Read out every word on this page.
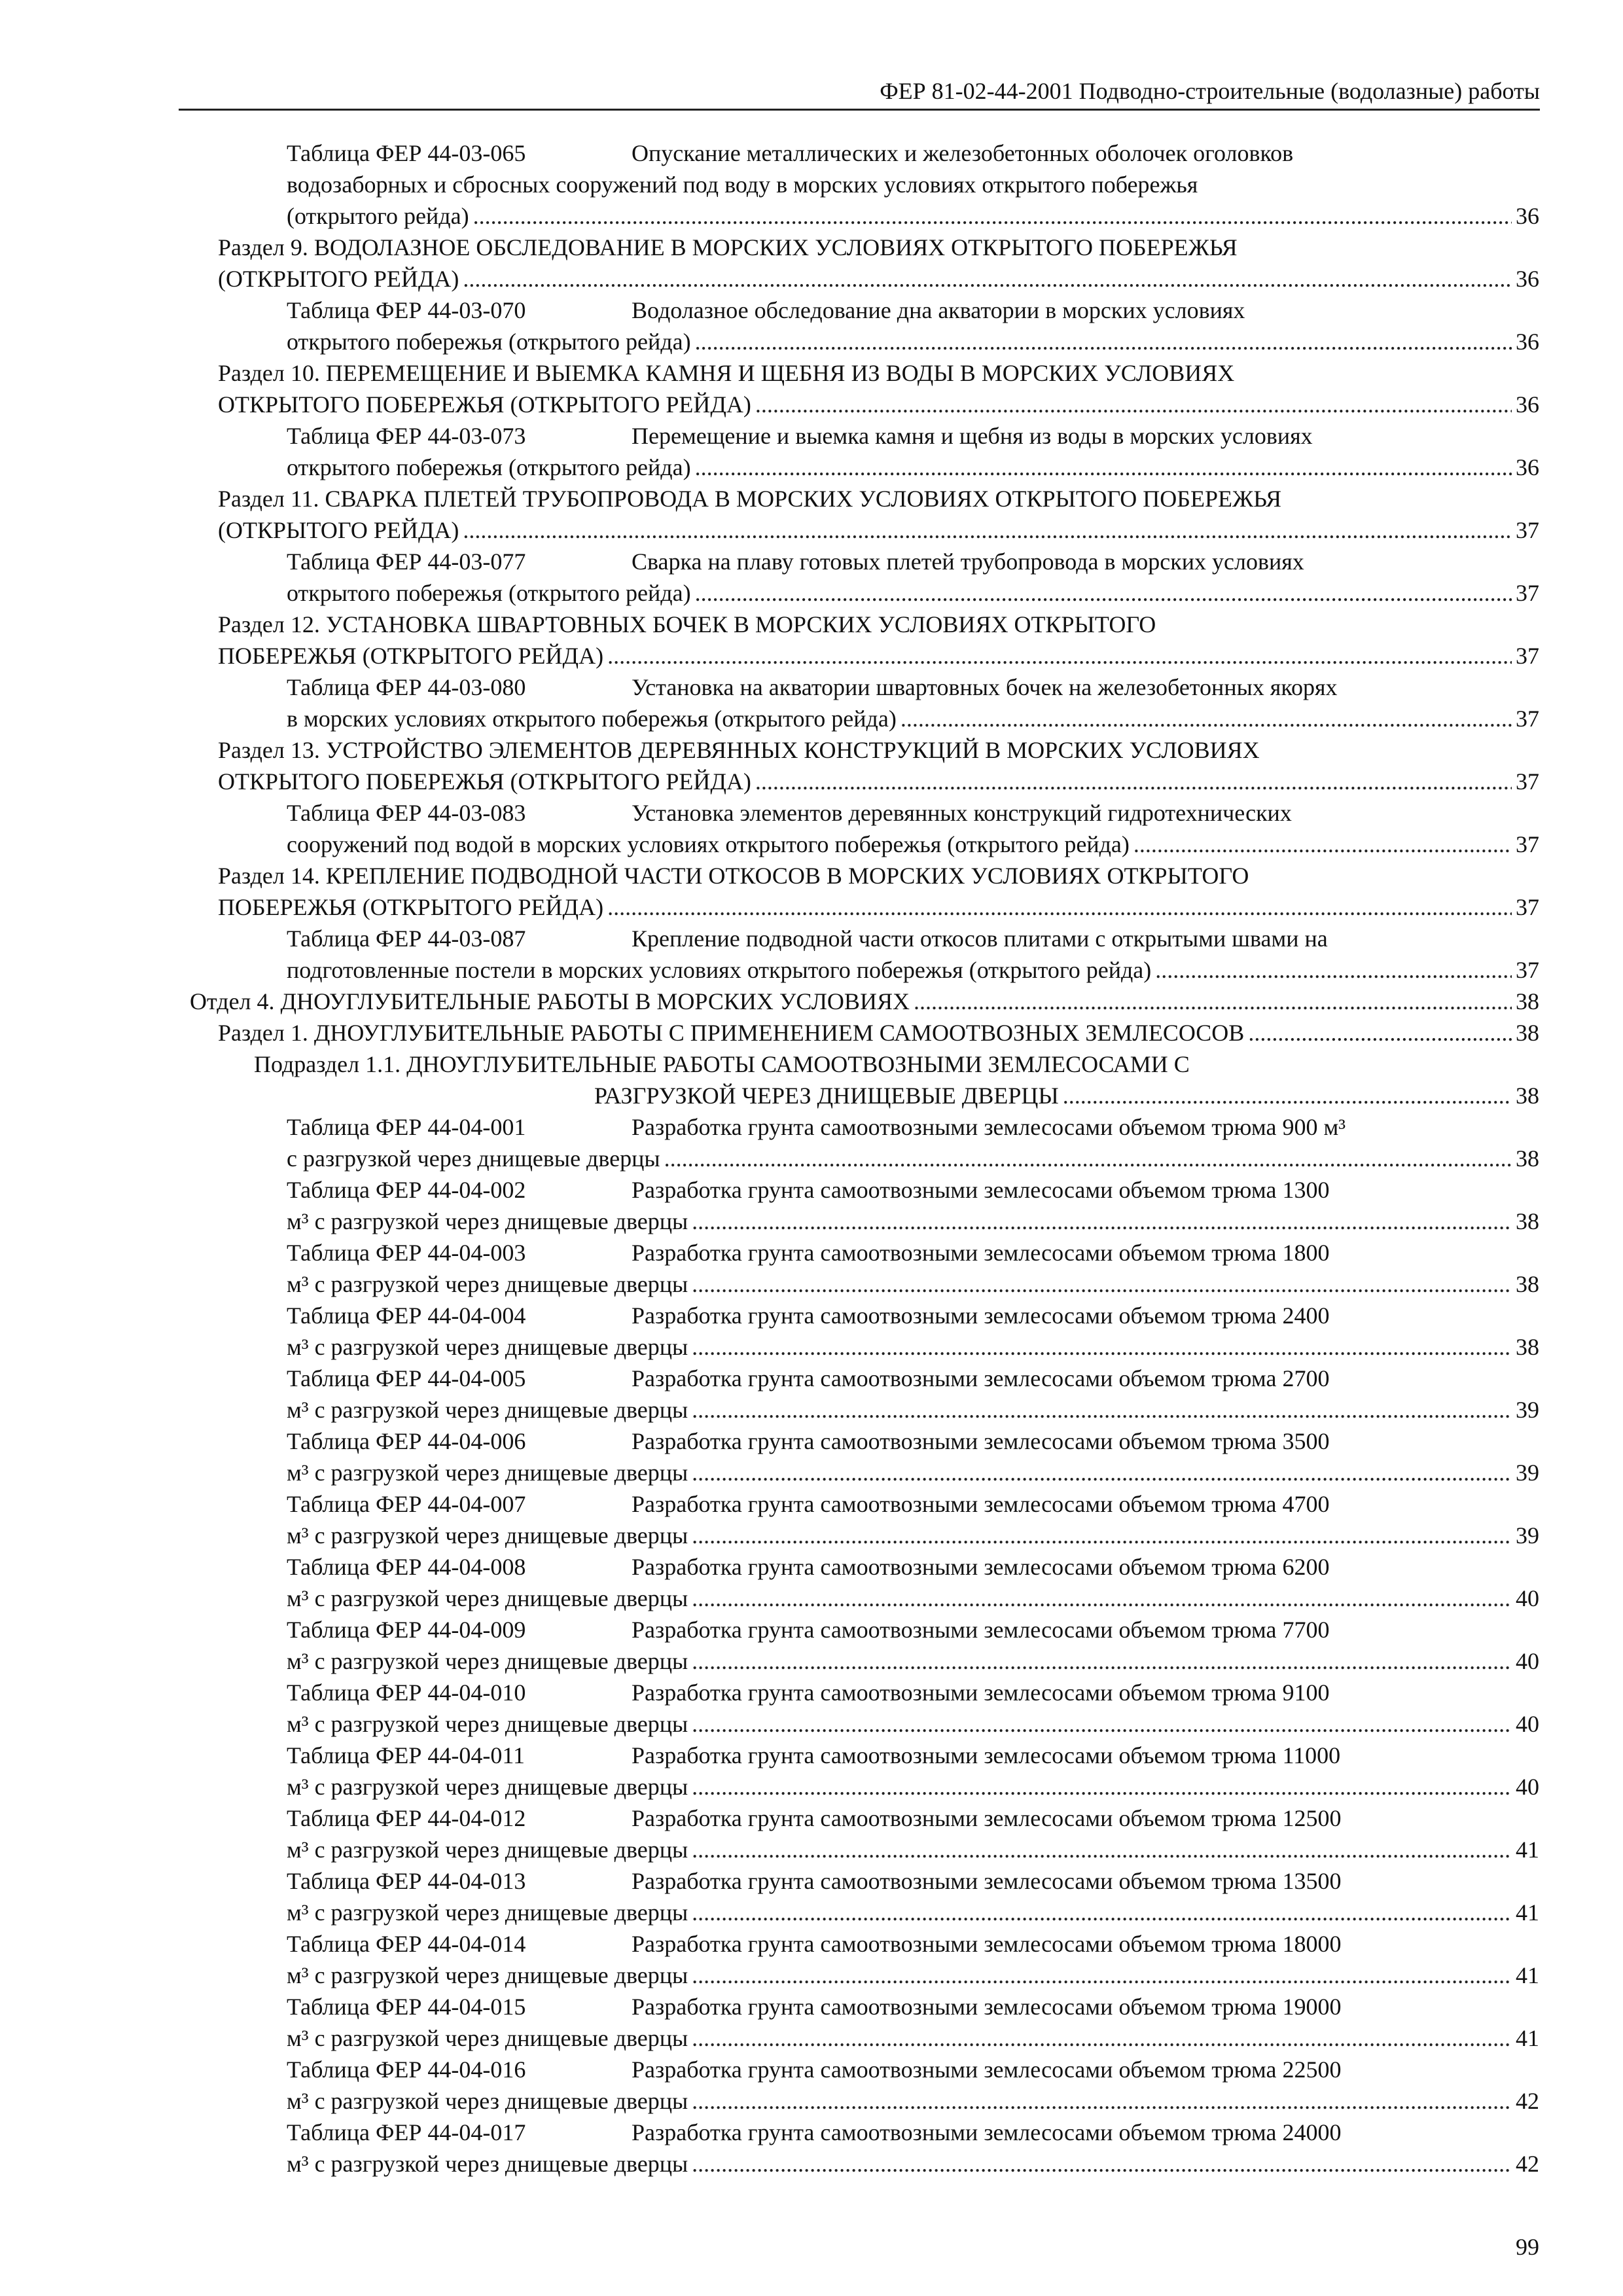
ФЕР 81-02-44-2001 Подводно-строительные (водолазные) работы
Таблица ФЕР 44-03-065	Опускание металлических и железобетонных оболочек оголовков
водозаборных и сбросных сооружений под воду в морских условиях открытого побережья
(открытого рейда) .....	36
Раздел 9. ВОДОЛАЗНОЕ ОБСЛЕДОВАНИЕ В МОРСКИХ УСЛОВИЯХ ОТКРЫТОГО ПОБЕРЕЖЬЯ
(ОТКРЫТОГО РЕЙДА) .....	36
Таблица ФЕР 44-03-070	Водолазное обследование дна акватории в морских условиях
открытого побережья (открытого рейда) .....	36
Раздел 10. ПЕРЕМЕЩЕНИЕ И ВЫЕМКА КАМНЯ И ЩЕБНЯ ИЗ ВОДЫ В МОРСКИХ УСЛОВИЯХ
ОТКРЫТОГО ПОБЕРЕЖЬЯ (ОТКРЫТОГО РЕЙДА) .....	36
Таблица ФЕР 44-03-073	Перемещение и выемка камня и щебня из воды в морских условиях
открытого побережья (открытого рейда) .....	36
Раздел 11. СВАРКА ПЛЕТЕЙ ТРУБОПРОВОДА В МОРСКИХ УСЛОВИЯХ ОТКРЫТОГО ПОБЕРЕЖЬЯ
(ОТКРЫТОГО РЕЙДА) .....	37
Таблица ФЕР 44-03-077	Сварка на плаву готовых плетей трубопровода в морских условиях
открытого побережья (открытого рейда) .....	37
Раздел 12. УСТАНОВКА ШВАРТОВНЫХ БОЧЕК В МОРСКИХ УСЛОВИЯХ ОТКРЫТОГО
ПОБЕРЕЖЬЯ (ОТКРЫТОГО РЕЙДА) .....	37
Таблица ФЕР 44-03-080	Установка на акватории швартовных бочек на железобетонных якорях
в морских условиях открытого побережья (открытого рейда) .....	37
Раздел 13. УСТРОЙСТВО ЭЛЕМЕНТОВ ДЕРЕВЯННЫХ КОНСТРУКЦИЙ В МОРСКИХ УСЛОВИЯХ
ОТКРЫТОГО ПОБЕРЕЖЬЯ (ОТКРЫТОГО РЕЙДА) .....	37
Таблица ФЕР 44-03-083	Установка элементов деревянных конструкций гидротехнических
сооружений под водой в морских условиях открытого побережья (открытого рейда) .....	37
Раздел 14. КРЕПЛЕНИЕ ПОДВОДНОЙ ЧАСТИ ОТКОСОВ В МОРСКИХ УСЛОВИЯХ ОТКРЫТОГО
ПОБЕРЕЖЬЯ (ОТКРЫТОГО РЕЙДА) .....	37
Таблица ФЕР 44-03-087	Крепление подводной части откосов плитами с открытыми швами на
подготовленные постели в морских условиях открытого побережья (открытого рейда) .....	37
Отдел 4. ДНОУГЛУБИТЕЛЬНЫЕ РАБОТЫ В МОРСКИХ УСЛОВИЯХ .....	38
Раздел 1. ДНОУГЛУБИТЕЛЬНЫЕ РАБОТЫ С ПРИМЕНЕНИЕМ САМООТВОЗНЫХ ЗЕМЛЕСОСОВ .....	38
Подраздел 1.1. ДНОУГЛУБИТЕЛЬНЫЕ РАБОТЫ САМООТВОЗНЫМИ ЗЕМЛЕСОСАМИ С
РАЗГРУЗКОЙ ЧЕРЕЗ ДНИЩЕВЫЕ ДВЕРЦЫ .....	38
Таблица ФЕР 44-04-001	Разработка грунта самоотвозными землесосами объемом трюма 900 м³
с разгрузкой через днищевые дверцы .....	38
Таблица ФЕР 44-04-002	Разработка грунта самоотвозными землесосами объемом трюма 1300
м³ с разгрузкой через днищевые дверцы .....	38
Таблица ФЕР 44-04-003	Разработка грунта самоотвозными землесосами объемом трюма 1800
м³ с разгрузкой через днищевые дверцы .....	38
Таблица ФЕР 44-04-004	Разработка грунта самоотвозными землесосами объемом трюма 2400
м³ с разгрузкой через днищевые дверцы .....	38
Таблица ФЕР 44-04-005	Разработка грунта самоотвозными землесосами объемом трюма 2700
м³ с разгрузкой через днищевые дверцы .....	39
Таблица ФЕР 44-04-006	Разработка грунта самоотвозными землесосами объемом трюма 3500
м³ с разгрузкой через днищевые дверцы .....	39
Таблица ФЕР 44-04-007	Разработка грунта самоотвозными землесосами объемом трюма 4700
м³ с разгрузкой через днищевые дверцы .....	39
Таблица ФЕР 44-04-008	Разработка грунта самоотвозными землесосами объемом трюма 6200
м³ с разгрузкой через днищевые дверцы .....	40
Таблица ФЕР 44-04-009	Разработка грунта самоотвозными землесосами объемом трюма 7700
м³ с разгрузкой через днищевые дверцы .....	40
Таблица ФЕР 44-04-010	Разработка грунта самоотвозными землесосами объемом трюма 9100
м³ с разгрузкой через днищевые дверцы .....	40
Таблица ФЕР 44-04-011	Разработка грунта самоотвозными землесосами объемом трюма 11000
м³ с разгрузкой через днищевые дверцы .....	40
Таблица ФЕР 44-04-012	Разработка грунта самоотвозными землесосами объемом трюма 12500
м³ с разгрузкой через днищевые дверцы .....	41
Таблица ФЕР 44-04-013	Разработка грунта самоотвозными землесосами объемом трюма 13500
м³ с разгрузкой через днищевые дверцы .....	41
Таблица ФЕР 44-04-014	Разработка грунта самоотвозными землесосами объемом трюма 18000
м³ с разгрузкой через днищевые дверцы .....	41
Таблица ФЕР 44-04-015	Разработка грунта самоотвозными землесосами объемом трюма 19000
м³ с разгрузкой через днищевые дверцы .....	41
Таблица ФЕР 44-04-016	Разработка грунта самоотвозными землесосами объемом трюма 22500
м³ с разгрузкой через днищевые дверцы .....	42
Таблица ФЕР 44-04-017	Разработка грунта самоотвозными землесосами объемом трюма 24000
м³ с разгрузкой через днищевые дверцы .....	42
99
